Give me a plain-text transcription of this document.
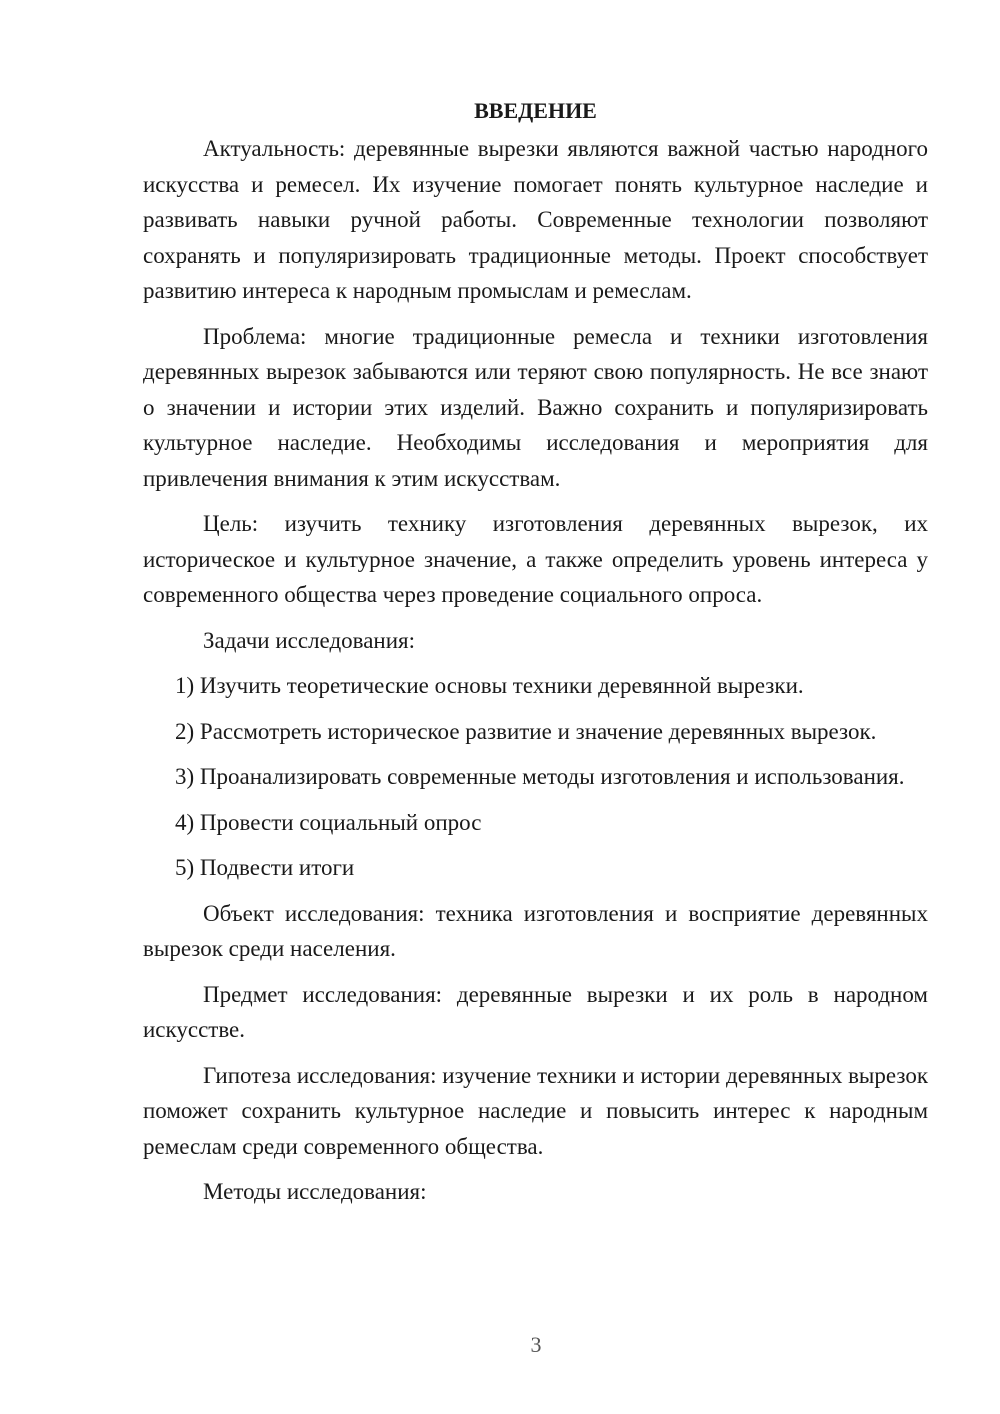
ВВЕДЕНИЕ

Актуальность: деревянные вырезки являются важной частью народного искусства и ремесел. Их изучение помогает понять культурное наследие и развивать навыки ручной работы. Современные технологии позволяют сохранять и популяризировать традиционные методы. Проект способствует развитию интереса к народным промыслам и ремеслам.

Проблема: многие традиционные ремесла и техники изготовления деревянных вырезок забываются или теряют свою популярность. Не все знают о значении и истории этих изделий. Важно сохранить и популяризировать культурное наследие. Необходимы исследования и мероприятия для привлечения внимания к этим искусствам.

Цель: изучить технику изготовления деревянных вырезок, их историческое и культурное значение, а также определить уровень интереса у современного общества через проведение социального опроса.

Задачи исследования:

1) Изучить теоретические основы техники деревянной вырезки.

2) Рассмотреть историческое развитие и значение деревянных вырезок.

3) Проанализировать современные методы изготовления и использования.

4) Провести социальный опрос

5) Подвести итоги

Объект исследования: техника изготовления и восприятие деревянных вырезок среди населения.

Предмет исследования: деревянные вырезки и их роль в народном искусстве.

Гипотеза исследования: изучение техники и истории деревянных вырезок поможет сохранить культурное наследие и повысить интерес к народным ремеслам среди современного общества.

Методы исследования:

3
